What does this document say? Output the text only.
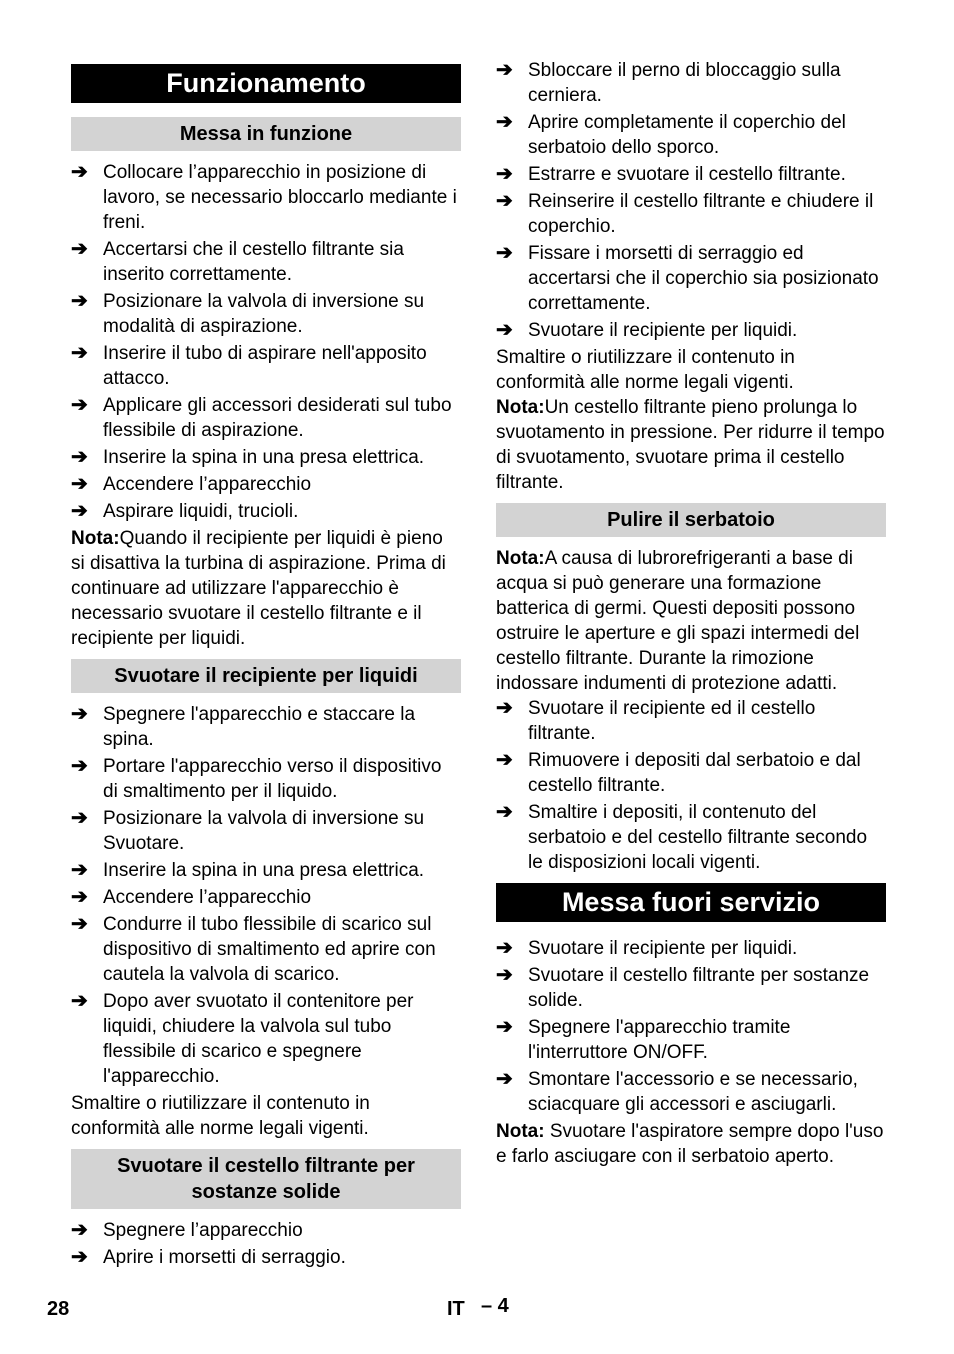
Funzionamento
Messa in funzione
➔ Collocare l’apparecchio in posizione di lavoro, se necessario bloccarlo mediante i freni.
➔ Accertarsi che il cestello filtrante sia inserito correttamente.
➔ Posizionare la valvola di inversione su modalità di aspirazione.
➔ Inserire il tubo di aspirare nell'apposito attacco.
➔ Applicare gli accessori desiderati sul tubo flessibile di aspirazione.
➔ Inserire la spina in una presa elettrica.
➔ Accendere l’apparecchio
➔ Aspirare liquidi, trucioli.
Nota:Quando il recipiente per liquidi è pieno si disattiva la turbina di aspirazione. Prima di continuare ad utilizzare l'apparecchio è necessario svuotare il cestello filtrante e il recipiente per liquidi.
Svuotare il recipiente per liquidi
➔ Spegnere l'apparecchio e staccare la spina.
➔ Portare l'apparecchio verso il dispositivo di smaltimento per il liquido.
➔ Posizionare la valvola di inversione su Svuotare.
➔ Inserire la spina in una presa elettrica.
➔ Accendere l’apparecchio
➔ Condurre il tubo flessibile di scarico sul dispositivo di smaltimento ed aprire con cautela la valvola di scarico.
➔ Dopo aver svuotato il contenitore per liquidi, chiudere la valvola sul tubo flessibile di scarico e spegnere l'apparecchio.
Smaltire o riutilizzare il contenuto in conformità alle norme legali vigenti.
Svuotare il cestello filtrante per sostanze solide
➔ Spegnere l’apparecchio
➔ Aprire i morsetti di serraggio.
➔ Sbloccare il perno di bloccaggio sulla cerniera.
➔ Aprire completamente il coperchio del serbatoio dello sporco.
➔ Estrarre e svuotare il cestello filtrante.
➔ Reinserire il cestello filtrante e chiudere il coperchio.
➔ Fissare i morsetti di serraggio ed accertarsi che il coperchio sia posizionato correttamente.
➔ Svuotare il recipiente per liquidi.
Smaltire o riutilizzare il contenuto in conformità alle norme legali vigenti.
Nota:Un cestello filtrante pieno prolunga lo svuotamento in pressione. Per ridurre il tempo di svuotamento, svuotare prima il cestello filtrante.
Pulire il serbatoio
Nota:A causa di lubrorefrigeranti a base di acqua si può generare una formazione batterica di germi. Questi depositi possono ostruire le aperture e gli spazi intermedi del cestello filtrante. Durante la rimozione indossare indumenti di protezione adatti.
➔ Svuotare il recipiente ed il cestello filtrante.
➔ Rimuovere i depositi dal serbatoio e dal cestello filtrante.
➔ Smaltire i depositi, il contenuto del serbatoio e del cestello filtrante secondo le disposizioni locali vigenti.
Messa fuori servizio
➔ Svuotare il recipiente per liquidi.
➔ Svuotare il cestello filtrante per sostanze solide.
➔ Spegnere l'apparecchio tramite l'interruttore ON/OFF.
➔ Smontare l'accessorio e se necessario, sciacquare gli accessori e asciugarli.
Nota: Svuotare l'aspiratore sempre dopo l'uso e farlo asciugare con il serbatoio aperto.
28	IT – 4
